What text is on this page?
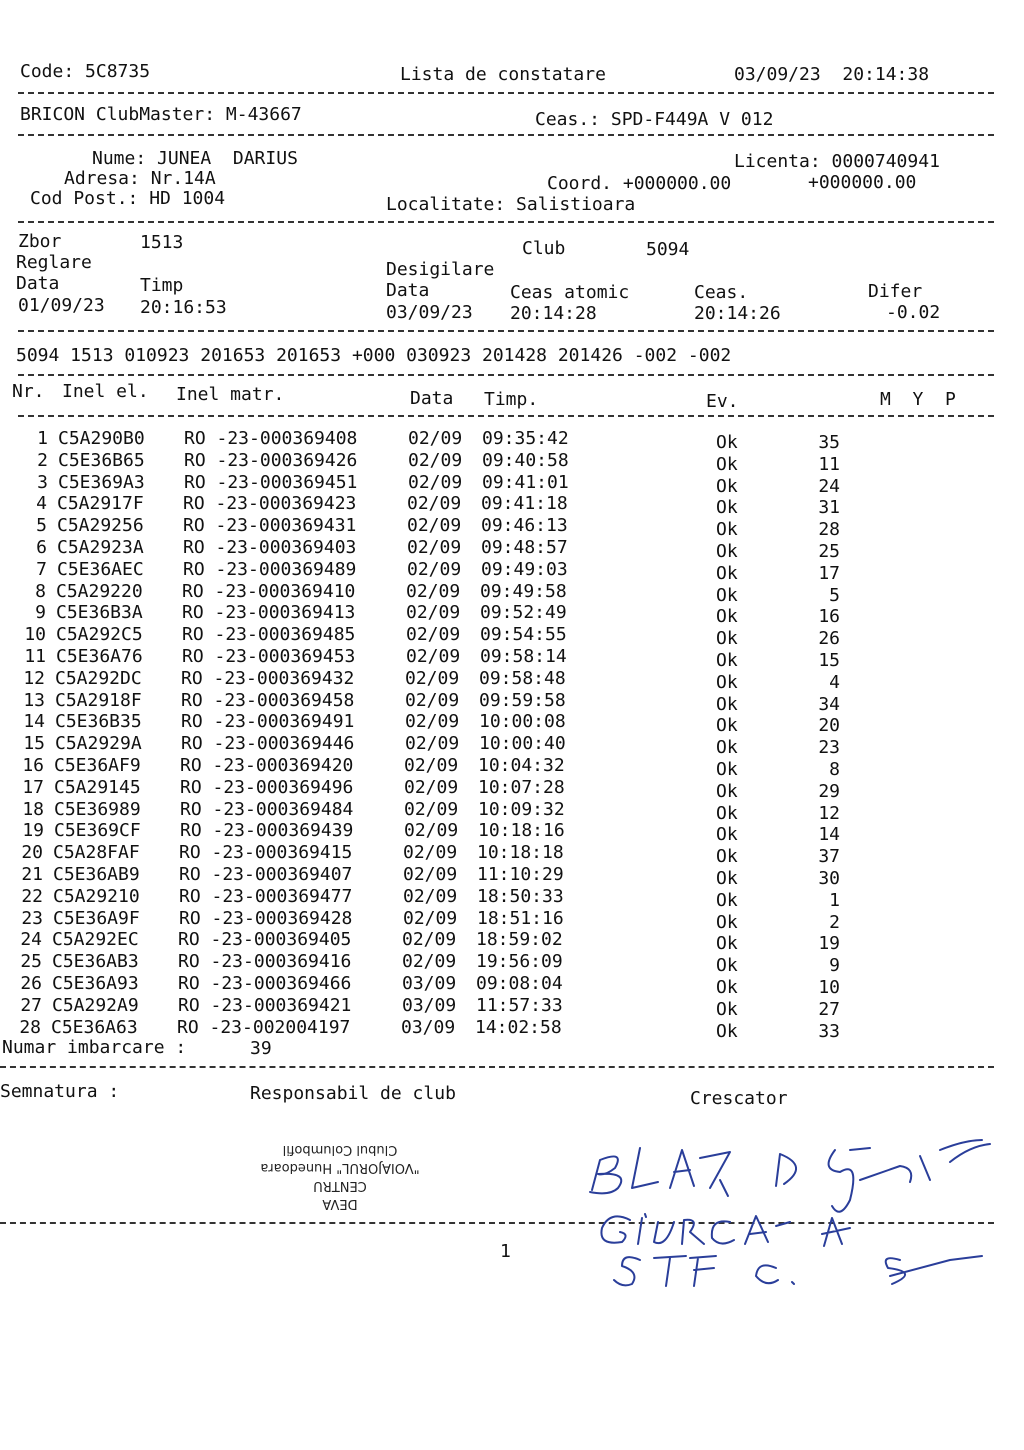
Code: 5C8735	Lista de constatare	03/09/23  20:14:38
BRICON ClubMaster: M-43667	Ceas.: SPD-F449A V 012
Nume: JUNEA  DARIUS
Adresa: Nr.14A
Cod Post.: HD 1004
Licenta: 0000740941
Coord. +000000.00	+000000.00
Localitate: Salistioara
Zbor	1513	Club	5094
Reglare	Desigilare
Data	Timp	Data	Ceas atomic	Ceas.	Difer
01/09/23 20:16:53	03/09/23 20:14:28	20:14:26	-0.02
5094 1513 010923 201653 201653 +000 030923 201428 201426 -002 -002
Nr. Inel el. Inel matr.	Data Timp.	Ev.	M  Y  P
1 C5A290B0 RO -23-000369408	02/09 09:35:42	Ok	35
2 C5E36B65 RO -23-000369426	02/09 09:40:58	Ok	11
3 C5E369A3 RO -23-000369451	02/09 09:41:01	Ok	24
4 C5A2917F RO -23-000369423	02/09 09:41:18	Ok	31
5 C5A29256 RO -23-000369431	02/09 09:46:13	Ok	28
6 C5A2923A RO -23-000369403	02/09 09:48:57	Ok	25
7 C5E36AEC RO -23-000369489	02/09 09:49:03	Ok	17
8 C5A29220 RO -23-000369410	02/09 09:49:58	Ok	5
9 C5E36B3A RO -23-000369413	02/09 09:52:49	Ok	16
10 C5A292C5 RO -23-000369485	02/09 09:54:55	Ok	26
11 C5E36A76 RO -23-000369453	02/09 09:58:14	Ok	15
12 C5A292DC RO -23-000369432	02/09 09:58:48	Ok	4
13 C5A2918F RO -23-000369458	02/09 09:59:58	Ok	34
14 C5E36B35 RO -23-000369491	02/09 10:00:08	Ok	20
15 C5A2929A RO -23-000369446	02/09 10:00:40	Ok	23
16 C5E36AF9 RO -23-000369420	02/09 10:04:32	Ok	8
17 C5A29145 RO -23-000369496	02/09 10:07:28	Ok	29
18 C5E36989 RO -23-000369484	02/09 10:09:32	Ok	12
19 C5E369CF RO -23-000369439	02/09 10:18:16	Ok	14
20 C5A28FAF RO -23-000369415	02/09 10:18:18	Ok	37
21 C5E36AB9 RO -23-000369407	02/09 11:10:29	Ok	30
22 C5A29210 RO -23-000369477	02/09 18:50:33	Ok	1
23 C5E36A9F RO -23-000369428	02/09 18:51:16	Ok	2
24 C5A292EC RO -23-000369405	02/09 18:59:02	Ok	19
25 C5E36AB3 RO -23-000369416	02/09 19:56:09	Ok	9
26 C5E36A93 RO -23-000369466	03/09 09:08:04	Ok	10
27 C5A292A9 RO -23-000369421	03/09 11:57:33	Ok	27
28 C5E36A63 RO -23-002004197	03/09 14:02:58	Ok	33
Numar imbarcare :	39
Semnatura :	Responsabil de club	Crescator
DEVA
CENTRU
"VOIAJORUL" Hunedoara
Clubul Columbofil
1
